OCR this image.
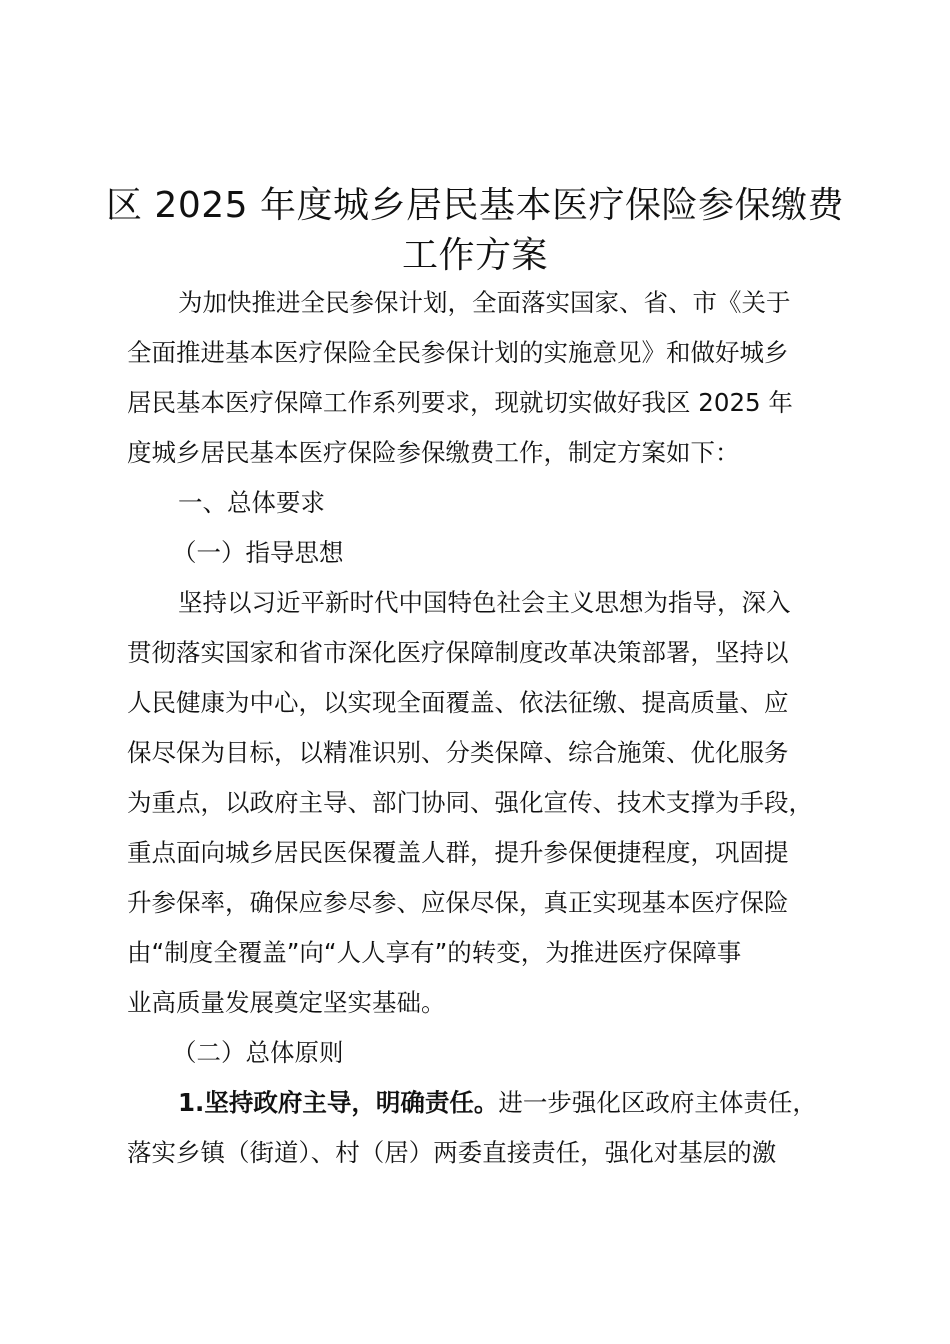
区 2025 年度城乡居民基本医疗保险参保缴费
工作方案

为加快推进全民参保计划，全面落实国家、省、市《关于

全面推进基本医疗保险全民参保计划的实施意见》和做好城乡

居民基本医疗保障工作系列要求，现就切实做好我区 2025 年

度城乡居民基本医疗保险参保缴费工作，制定方案如下：

一、总体要求

（一）指导思想

坚持以习近平新时代中国特色社会主义思想为指导，深入

贯彻落实国家和省市深化医疗保障制度改革决策部署，坚持以

人民健康为中心，以实现全面覆盖、依法征缴、提高质量、应

保尽保为目标，以精准识别、分类保障、综合施策、优化服务

为重点，以政府主导、部门协同、强化宣传、技术支撑为手段，

重点面向城乡居民医保覆盖人群，提升参保便捷程度，巩固提

升参保率，确保应参尽参、应保尽保，真正实现基本医疗保险

由“制度全覆盖”向“人人享有”的转变，为推进医疗保障事

业高质量发展奠定坚实基础。

（二）总体原则

1.坚持政府主导，明确责任。进一步强化区政府主体责任，

落实乡镇（街道）、村（居）两委直接责任，强化对基层的激
